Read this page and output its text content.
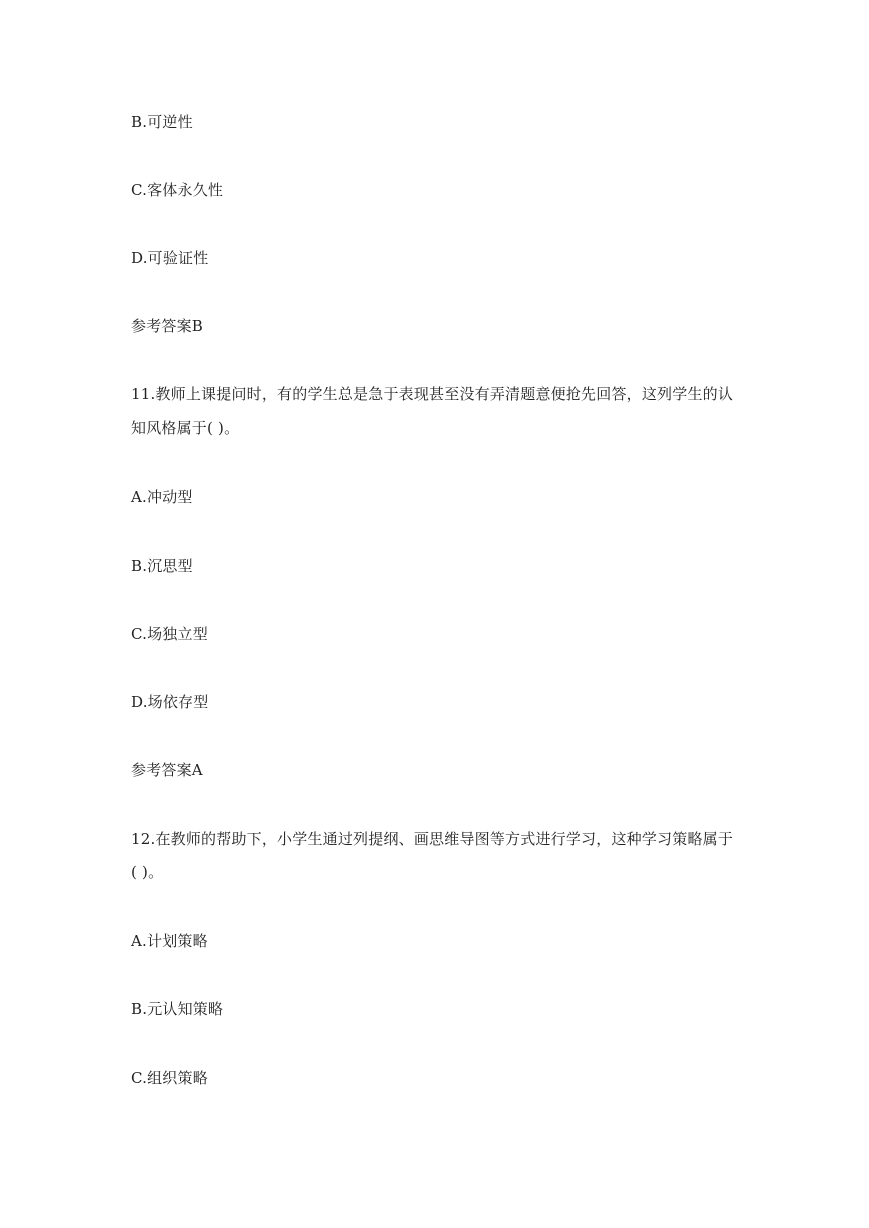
B.可逆性
C.客体永久性
D.可验证性
参考答案B
11.教师上课提问时，有的学生总是急于表现甚至没有弄清题意便抢先回答，这列学生的认
知风格属于( )。
A.冲动型
B.沉思型
C.场独立型
D.场依存型
参考答案A
12.在教师的帮助下，小学生通过列提纲、画思维导图等方式进行学习，这种学习策略属于
( )。
A.计划策略
B.元认知策略
C.组织策略
